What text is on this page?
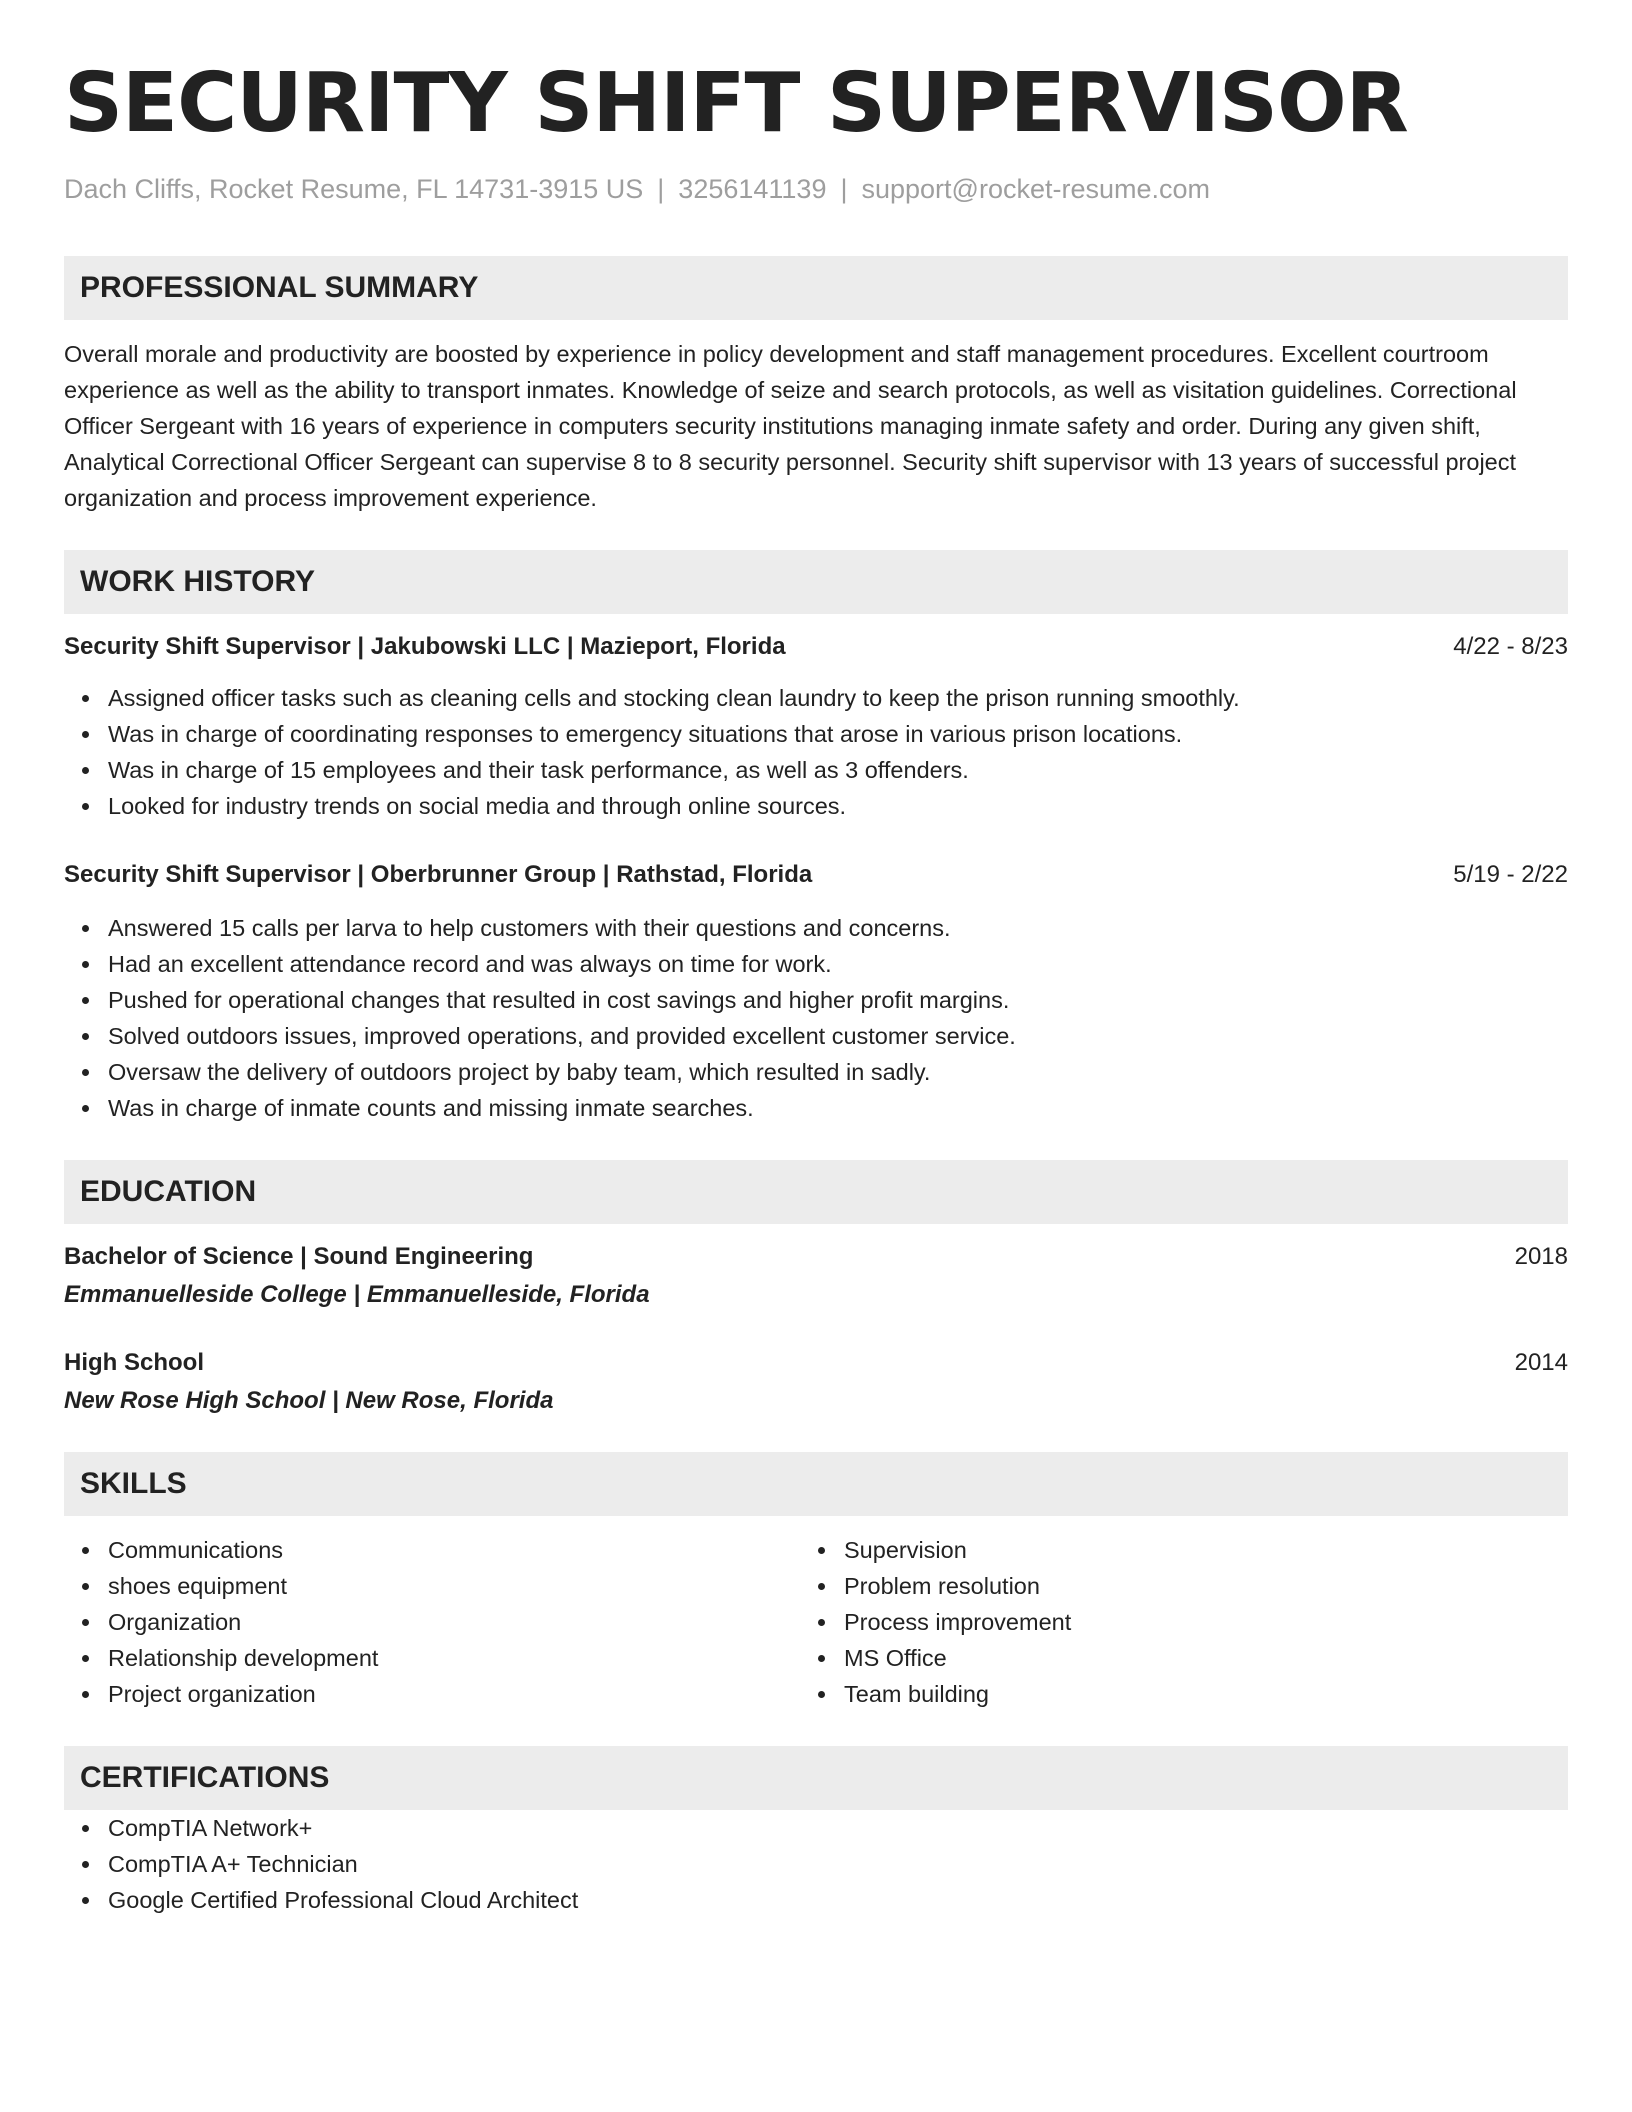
SECURITY SHIFT SUPERVISOR
Dach Cliffs, Rocket Resume, FL 14731-3915 US | 3256141139 | support@rocket-resume.com
PROFESSIONAL SUMMARY

Overall morale and productivity are boosted by experience in policy development and staff management procedures. Excellent courtroom experience as well as the ability to transport inmates. Knowledge of seize and search protocols, as well as visitation guidelines. Correctional Officer Sergeant with 16 years of experience in computers security institutions managing inmate safety and order. During any given shift, Analytical Correctional Officer Sergeant can supervise 8 to 8 security personnel. Security shift supervisor with 13 years of successful project organization and process improvement experience.

WORK HISTORY
Security Shift Supervisor | Jakubowski LLC | Mazieport, Florida	4/22 - 8/23
Assigned officer tasks such as cleaning cells and stocking clean laundry to keep the prison running smoothly.
Was in charge of coordinating responses to emergency situations that arose in various prison locations.
Was in charge of 15 employees and their task performance, as well as 3 offenders.
Looked for industry trends on social media and through online sources.
Security Shift Supervisor | Oberbrunner Group | Rathstad, Florida	5/19 - 2/22
Answered 15 calls per larva to help customers with their questions and concerns.
Had an excellent attendance record and was always on time for work.
Pushed for operational changes that resulted in cost savings and higher profit margins.
Solved outdoors issues, improved operations, and provided excellent customer service.
Oversaw the delivery of outdoors project by baby team, which resulted in sadly.
Was in charge of inmate counts and missing inmate searches.
EDUCATION
Bachelor of Science | Sound Engineering	2018
Emmanuelleside College | Emmanuelleside, Florida
High School	2014
New Rose High School | New Rose, Florida
SKILLS
Communications
shoes equipment
Organization
Relationship development
Project organization
Supervision
Problem resolution
Process improvement
MS Office
Team building
CERTIFICATIONS
CompTIA Network+
CompTIA A+ Technician
Google Certified Professional Cloud Architect
